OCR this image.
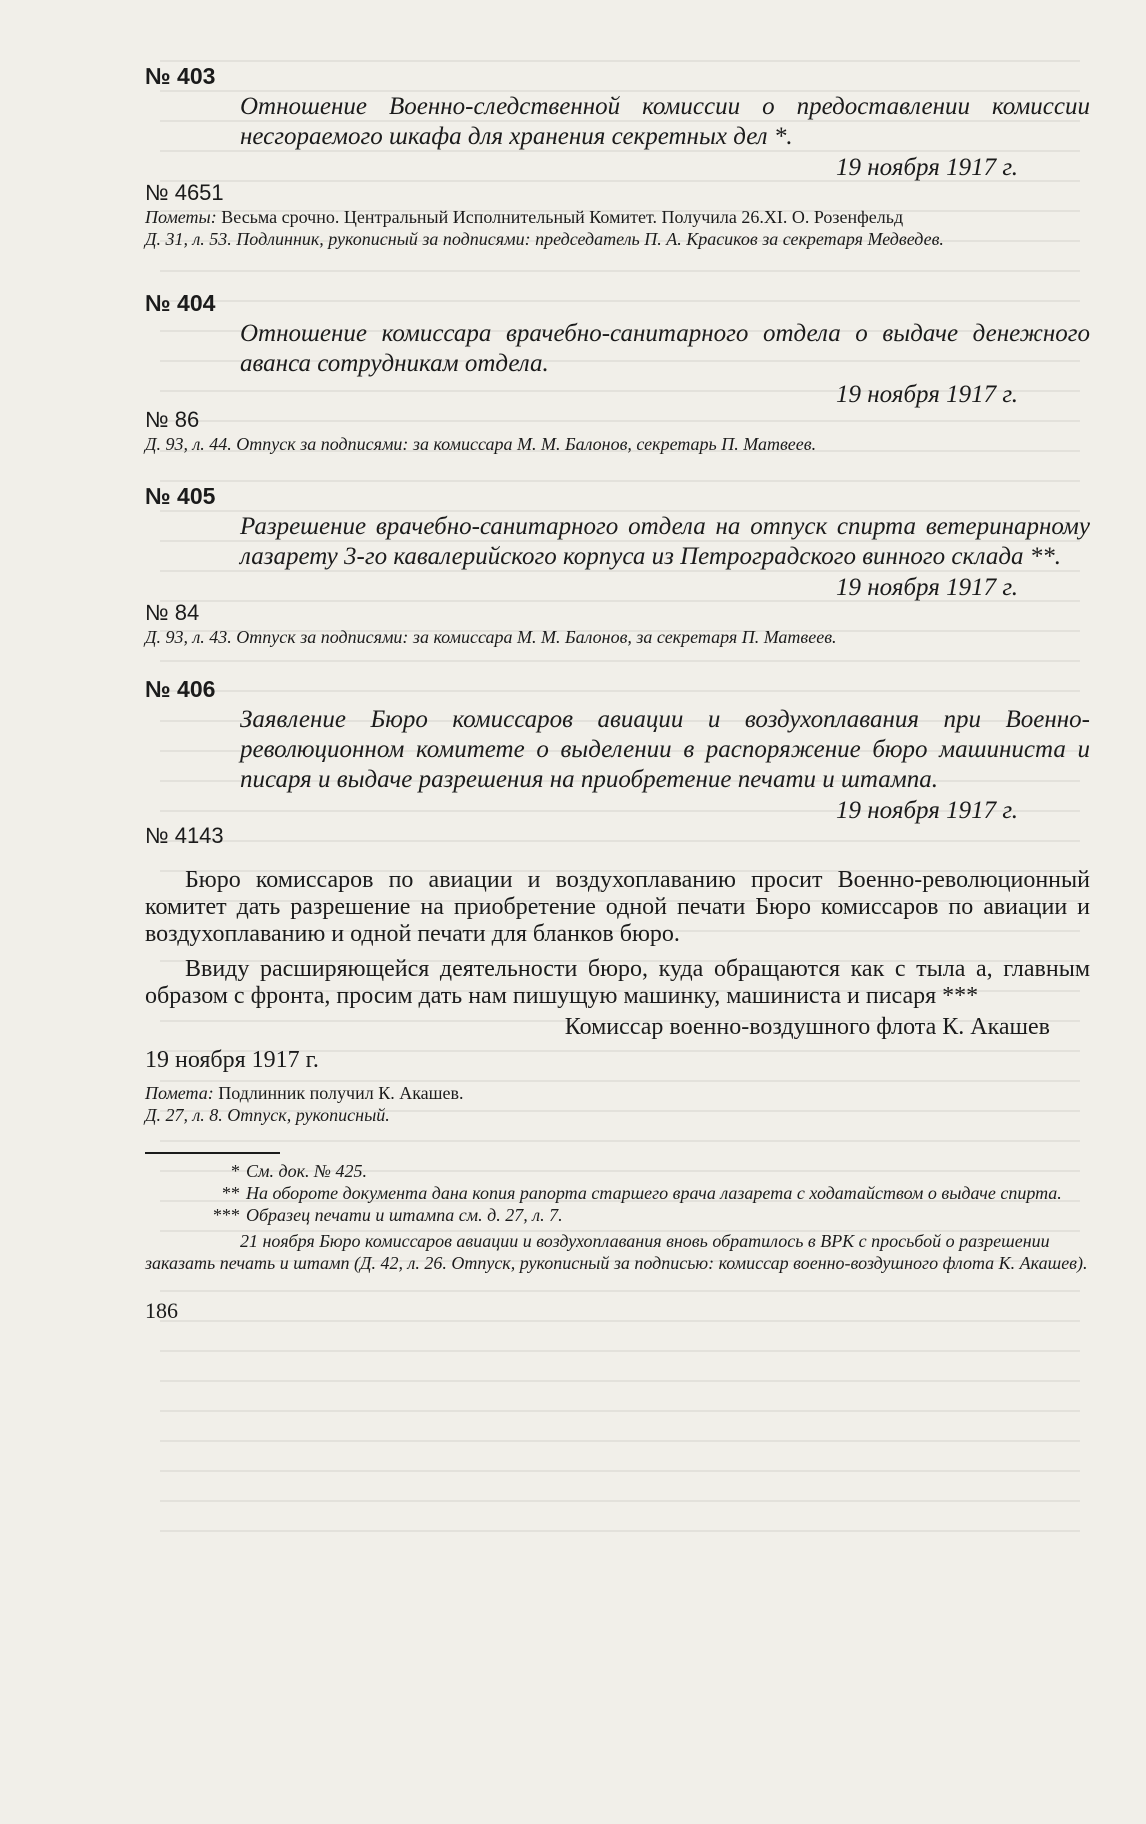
№ 403
Отношение Военно-следственной комиссии о предоставлении комиссии несгораемого шкафа для хранения секретных дел *.
19 ноября 1917 г.
№ 4651
Пометы: Весьма срочно. Центральный Исполнительный Комитет. Получила 26.XI. О. Розенфельд
Д. 31, л. 53. Подлинник, рукописный за подписями: председатель П. А. Красиков за секретаря Медведев.
№ 404
Отношение комиссара врачебно-санитарного отдела о выдаче денежного аванса сотрудникам отдела.
19 ноября 1917 г.
№ 86
Д. 93, л. 44. Отпуск за подписями: за комиссара М. М. Балонов, секретарь П. Матвеев.
№ 405
Разрешение врачебно-санитарного отдела на отпуск спирта ветеринарному лазарету 3-го кавалерийского корпуса из Петроградского винного склада **.
19 ноября 1917 г.
№ 84
Д. 93, л. 43. Отпуск за подписями: за комиссара М. М. Балонов, за секретаря П. Матвеев.
№ 406
Заявление Бюро комиссаров авиации и воздухоплавания при Военно-революционном комитете о выделении в распоряжение бюро машиниста и писаря и выдаче разрешения на приобретение печати и штампа.
19 ноября 1917 г.
№ 4143

Бюро комиссаров по авиации и воздухоплаванию просит Военно-революционный комитет дать разрешение на приобретение одной печати Бюро комиссаров по авиации и воздухоплаванию и одной печати для бланков бюро.

Ввиду расширяющейся деятельности бюро, куда обращаются как с тыла а, главным образом с фронта, просим дать нам пишущую машинку, машиниста и писаря ***

Комиссар военно-воздушного флота К. Акашев
19 ноября 1917 г.
Помета: Подлинник получил К. Акашев.
Д. 27, л. 8. Отпуск, рукописный.
* См. док. № 425.
** На обороте документа дана копия рапорта старшего врача лазарета с ходатайством о выдаче спирта.
*** Образец печати и штампа см. д. 27, л. 7.
21 ноября Бюро комиссаров авиации и воздухоплавания вновь обратилось в ВРК с просьбой о разрешении заказать печать и штамп (Д. 42, л. 26. Отпуск, рукописный за подписью: комиссар военно-воздушного флота К. Акашев).
186
